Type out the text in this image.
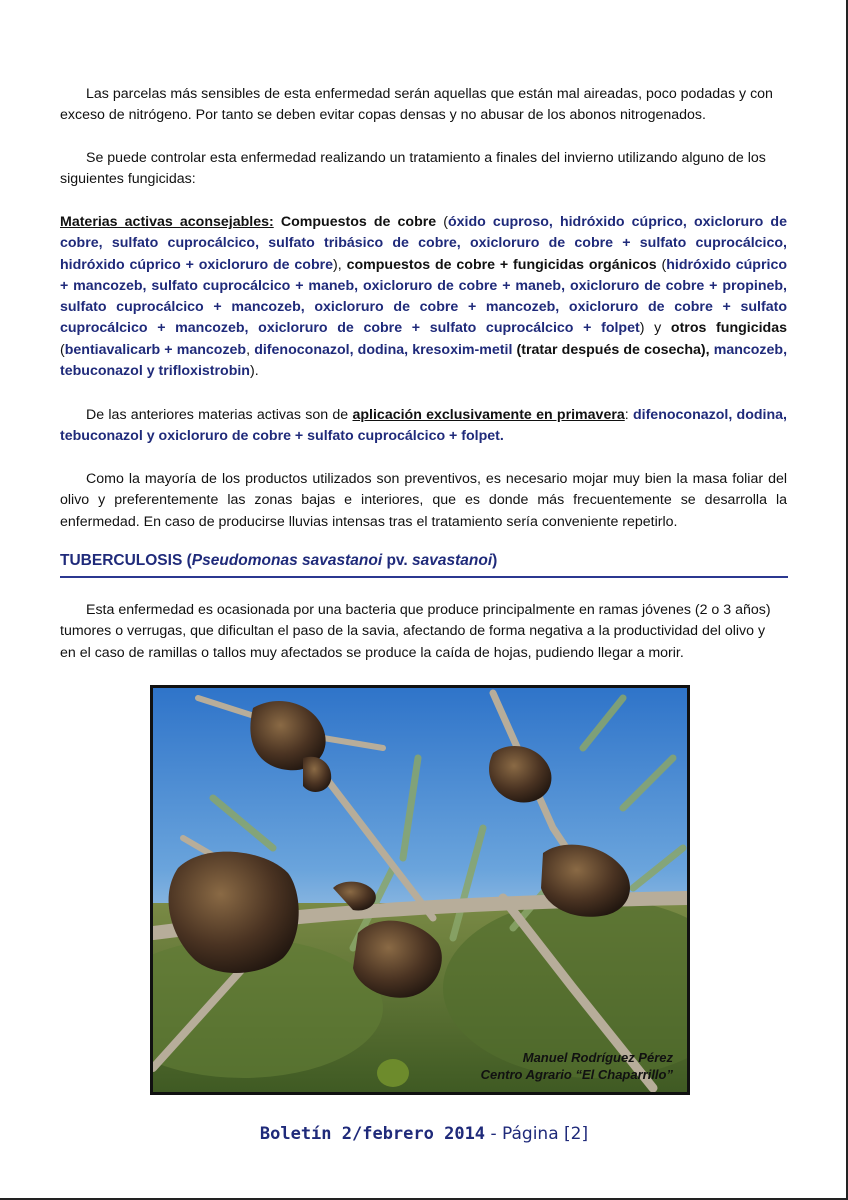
Las parcelas más sensibles de esta enfermedad serán aquellas que están mal aireadas, poco podadas y con exceso de nitrógeno. Por tanto se deben evitar copas densas y no abusar de los abonos nitrogenados.

Se puede controlar esta enfermedad realizando un tratamiento a finales del invierno utilizando alguno de los siguientes fungicidas:

Materias activas aconsejables: Compuestos de cobre (óxido cuproso, hidróxido cúprico, oxicloruro de cobre, sulfato cuprocálcico, sulfato tribásico de cobre, oxicloruro de cobre + sulfato cuprocálcico, hidróxido cúprico + oxicloruro de cobre), compuestos de cobre + fungicidas orgánicos (hidróxido cúprico + mancozeb, sulfato cuprocálcico + maneb, oxicloruro de cobre + maneb, oxicloruro de cobre + propineb, sulfato cuprocálcico + mancozeb, oxicloruro de cobre + mancozeb, oxicloruro de cobre + sulfato cuprocálcico + mancozeb, oxicloruro de cobre + sulfato cuprocálcico + folpet) y otros fungicidas (bentiavalicarb + mancozeb, difenoconazol, dodina, kresoxim-metil (tratar después de cosecha), mancozeb, tebuconazol y trifloxistrobin).

De las anteriores materias activas son de aplicación exclusivamente en primavera: difenoconazol, dodina, tebuconazol y oxicloruro de cobre + sulfato cuprocálcico + folpet.

Como la mayoría de los productos utilizados son preventivos, es necesario mojar muy bien la masa foliar del olivo y preferentemente las zonas bajas e interiores, que es donde más frecuentemente se desarrolla la enfermedad. En caso de producirse lluvias intensas tras el tratamiento sería conveniente repetirlo.

TUBERCULOSIS (Pseudomonas savastanoi pv. savastanoi)

Esta enfermedad es ocasionada por una bacteria que produce principalmente en ramas jóvenes (2 o 3 años) tumores o verrugas, que dificultan el paso de la savia, afectando de forma negativa a la productividad del olivo y en el caso de ramillas o tallos muy afectados se produce la caída de hojas, pudiendo llegar a morir.

Manuel Rodríguez Pérez
Centro Agrario “El Chaparrillo”
Boletín 2/febrero 2014 - Página [2]
